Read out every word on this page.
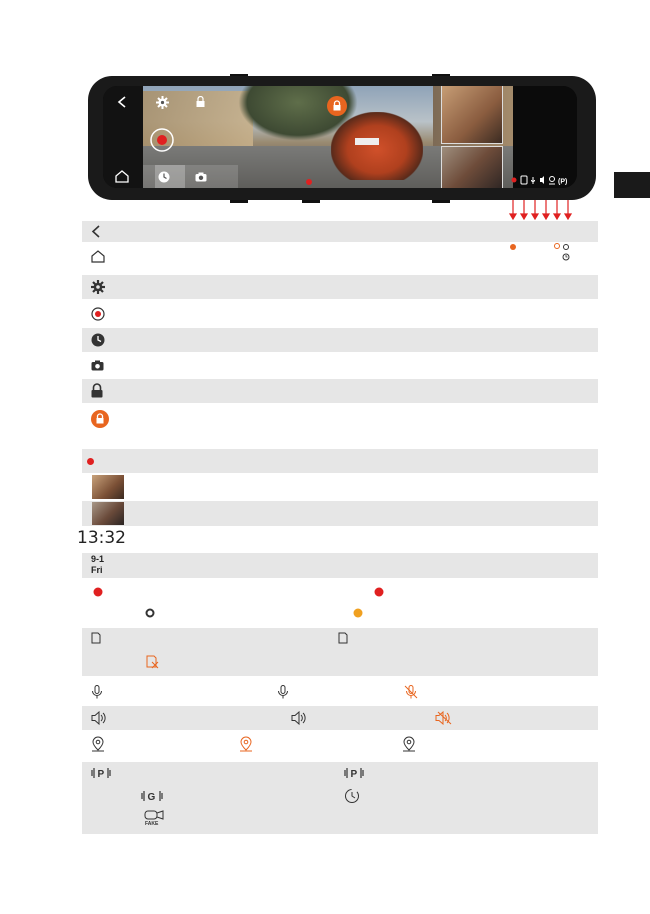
(P)
13:32
9-1
Fri
P	P
G
FAKE
